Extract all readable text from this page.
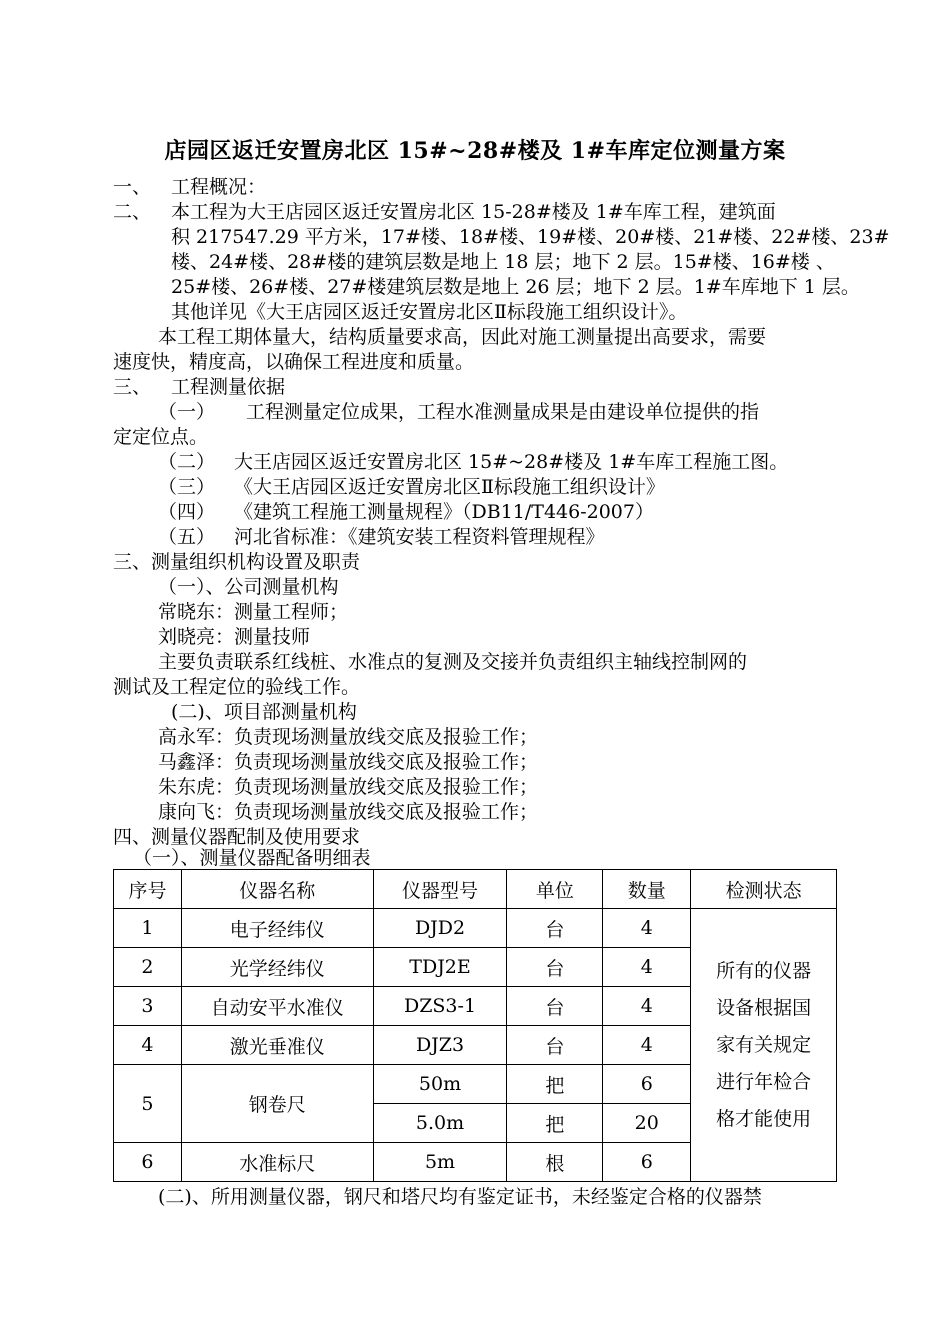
店园区返迁安置房北区 15#~28#楼及 1#车库定位测量方案
一、 工程概况：
二、 本工程为大王店园区返迁安置房北区 15-28#楼及 1#车库工程，建筑面
积 217547.29 平方米，17#楼、18#楼、19#楼、20#楼、21#楼、22#楼、23#
楼、24#楼、28#楼的建筑层数是地上 18 层；地下 2 层。15#楼、16#楼 、
25#楼、26#楼、27#楼建筑层数是地上 26 层；地下 2 层。1#车库地下 1 层。
其他详见《大王店园区返迁安置房北区Ⅱ标段施工组织设计》。
本工程工期体量大，结构质量要求高，因此对施工测量提出高要求，需要
速度快，精度高，以确保工程进度和质量。
三、 工程测量依据
（一） 工程测量定位成果，工程水准测量成果是由建设单位提供的指
定定位点。
（二） 大王店园区返迁安置房北区 15#~28#楼及 1#车库工程施工图。
（三） 《大王店园区返迁安置房北区Ⅱ标段施工组织设计》
（四） 《建筑工程施工测量规程》（DB11/T446-2007）
（五） 河北省标准：《建筑安装工程资料管理规程》
三、测量组织机构设置及职责
（一）、公司测量机构
常晓东：测量工程师；
刘晓亮：测量技师
主要负责联系红线桩、水准点的复测及交接并负责组织主轴线控制网的
测试及工程定位的验线工作。
(二)、项目部测量机构
高永军：负责现场测量放线交底及报验工作；
马鑫泽：负责现场测量放线交底及报验工作；
朱东虎：负责现场测量放线交底及报验工作；
康向飞：负责现场测量放线交底及报验工作；
四、测量仪器配制及使用要求
（一）、测量仪器配备明细表
序号	仪器名称	仪器型号	单位	数量	检测状态
1	电子经纬仪	DJD2	台	4	所有的仪器
设备根据国
家有关规定
进行年检合
格才能使用

2	光学经纬仪	TDJ2E	台	4	
3	自动安平水准仪	DZS3-1	台	4	
4	激光垂准仪	DJZ3	台	4	
5	钢卷尺	50m	把	6	
		5.0m	把	20	
6	水准标尺	5m	根	6	
(二)、所用测量仪器，钢尺和塔尺均有鉴定证书，未经鉴定合格的仪器禁
